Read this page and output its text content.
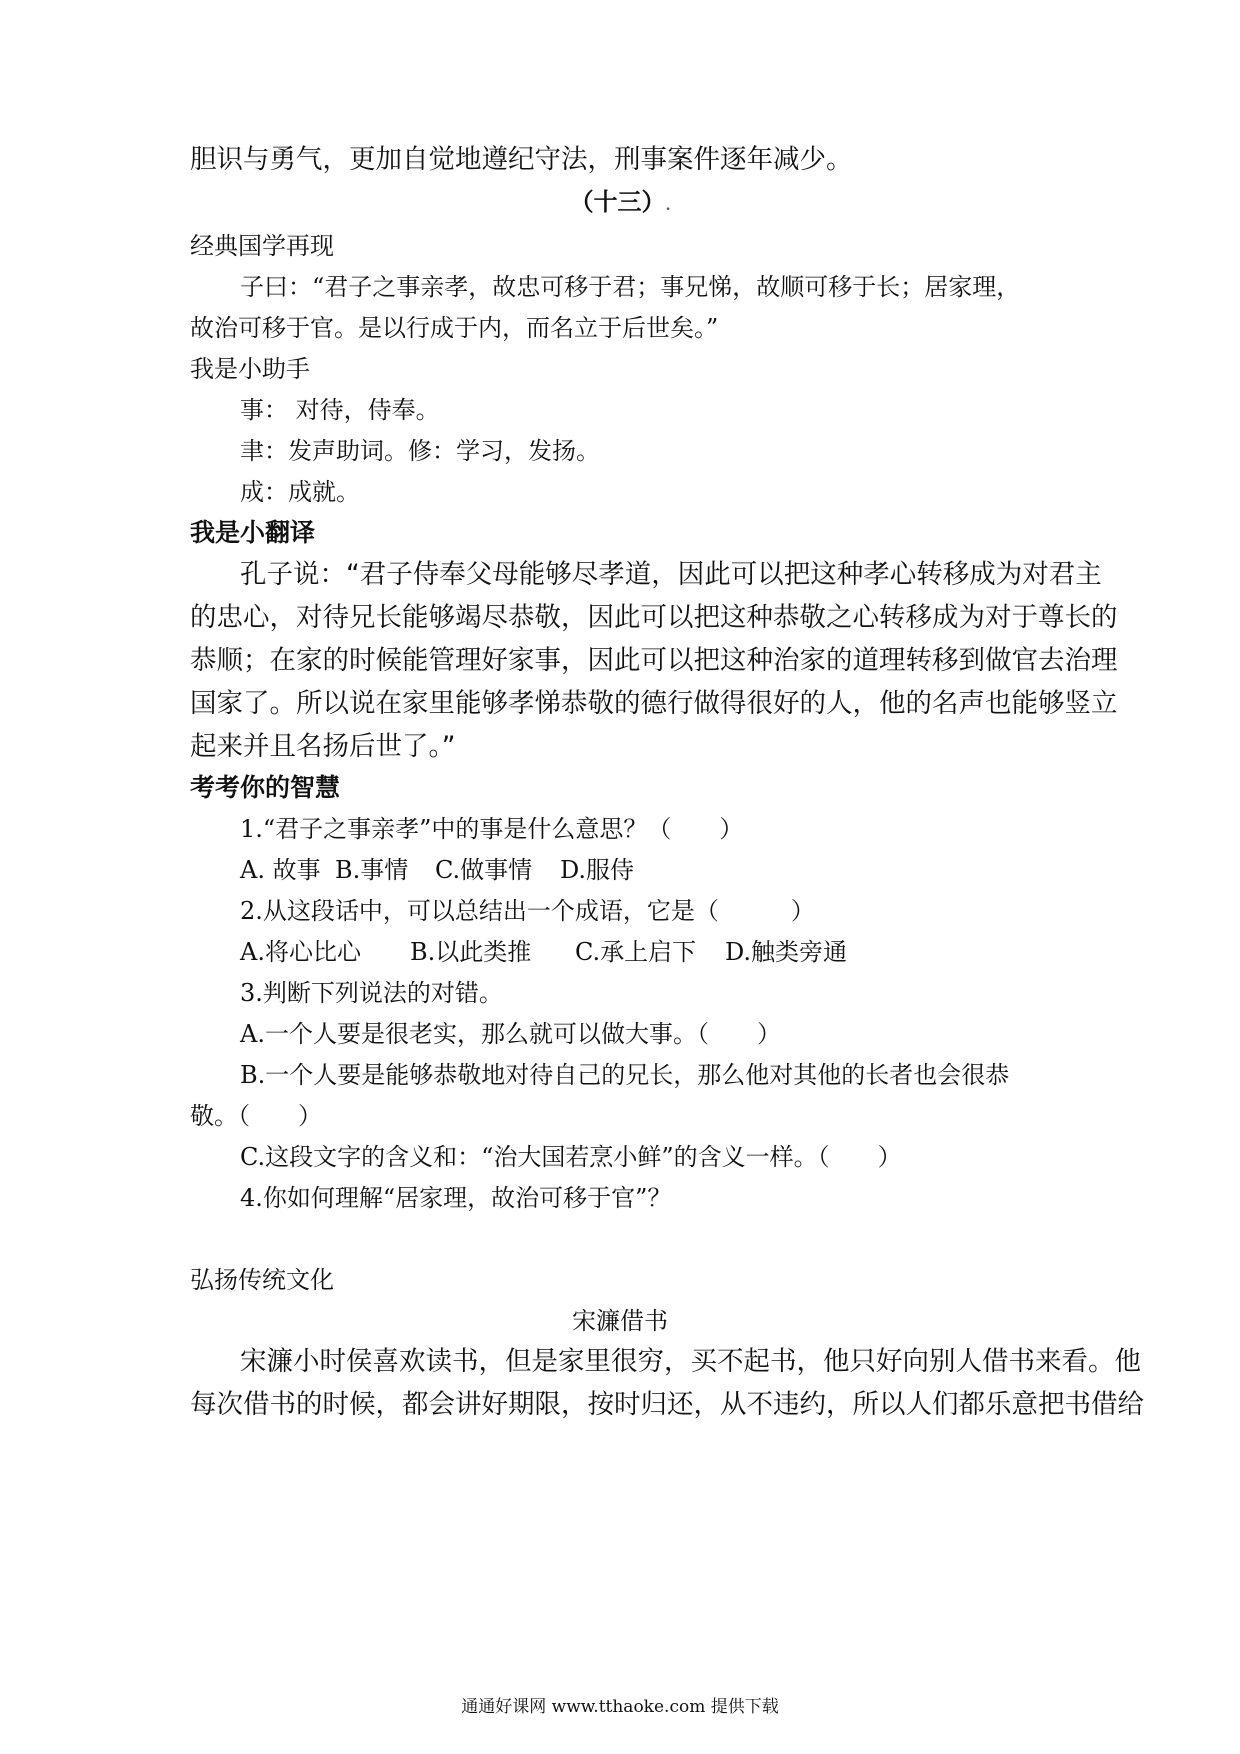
胆识与勇气，更加自觉地遵纪守法，刑事案件逐年减少。
（十三）.
经典国学再现
子曰：“君子之事亲孝，故忠可移于君；事兄悌，故顺可移于长；居家理，
故治可移于官。是以行成于内，而名立于后世矣。”
我是小助手
事： 对待，侍奉。
聿：发声助词。修：学习，发扬。
成：成就。
我是小翻译
孔子说：“君子侍奉父母能够尽孝道，因此可以把这种孝心转移成为对君主
的忠心，对待兄长能够竭尽恭敬，因此可以把这种恭敬之心转移成为对于尊长的
恭顺；在家的时候能管理好家事，因此可以把这种治家的道理转移到做官去治理
国家了。所以说在家里能够孝悌恭敬的德行做得很好的人，他的名声也能够竖立
起来并且名扬后世了。”
考考你的智慧
1.“君子之事亲孝”中的事是什么意思？（　　）
A. 故事 B.事情 C.做事情 D.服侍
2.从这段话中，可以总结出一个成语，它是（　　　）
A.将心比心 B.以此类推 C.承上启下 D.触类旁通
3.判断下列说法的对错。
A.一个人要是很老实，那么就可以做大事。（　　）
B.一个人要是能够恭敬地对待自己的兄长，那么他对其他的长者也会很恭
敬。（　　）
C.这段文字的含义和：“治大国若烹小鲜”的含义一样。（　　）
4.你如何理解“居家理，故治可移于官”？
弘扬传统文化
宋濂借书
宋濂小时侯喜欢读书，但是家里很穷，买不起书，他只好向别人借书来看。他
每次借书的时候，都会讲好期限，按时归还，从不违约，所以人们都乐意把书借给
通通好课网 www.tthaoke.com 提供下载
